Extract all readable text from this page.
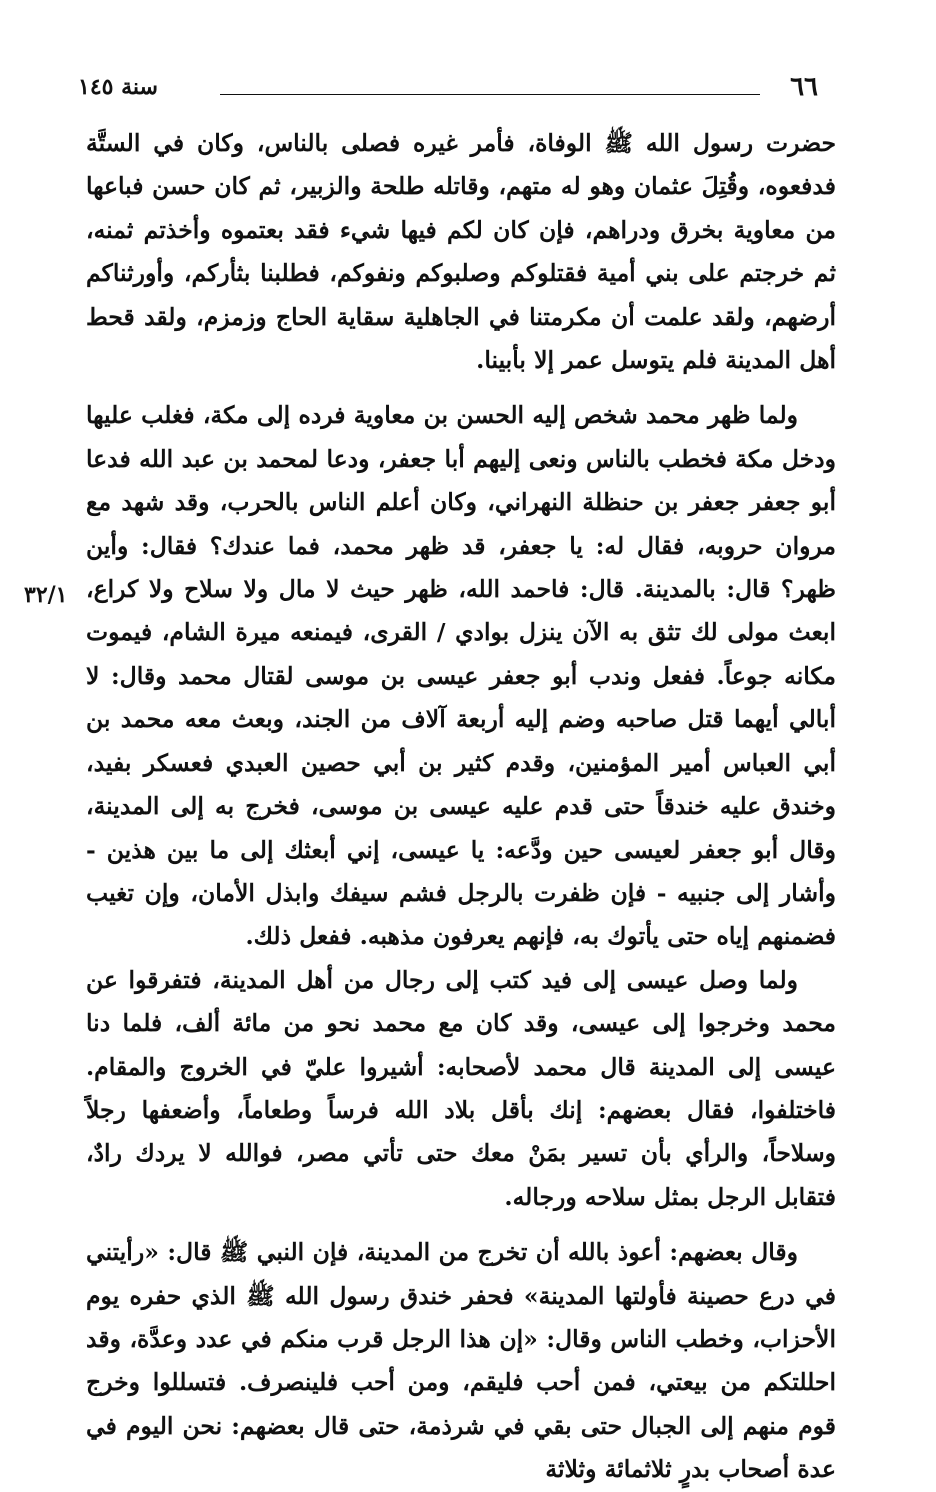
٦٦
سنة ١٤٥
٣٢/١

حضرت رسول الله ﷺ الوفاة، فأمر غيره فصلى بالناس، وكان في الستَّة فدفعوه، وقُتِلَ عثمان وهو له متهم، وقاتله طلحة والزبير، ثم كان حسن فباعها من معاوية بخرق ودراهم، فإن كان لكم فيها شيء فقد بعتموه وأخذتم ثمنه، ثم خرجتم على بني أمية فقتلوكم وصلبوكم ونفوكم، فطلبنا بثأركم، وأورثناكم أرضهم، ولقد علمت أن مكرمتنا في الجاهلية سقاية الحاج وزمزم، ولقد قحط أهل المدينة فلم يتوسل عمر إلا بأبينا.

ولما ظهر محمد شخص إليه الحسن بن معاوية فرده إلى مكة، فغلب عليها ودخل مكة فخطب بالناس ونعى إليهم أبا جعفر، ودعا لمحمد بن عبد الله فدعا أبو جعفر جعفر بن حنظلة النهراني، وكان أعلم الناس بالحرب، وقد شهد مع مروان حروبه، فقال له: يا جعفر، قد ظهر محمد، فما عندك؟ فقال: وأين ظهر؟ قال: بالمدينة. قال: فاحمد الله، ظهر حيث لا مال ولا سلاح ولا كراع، ابعث مولى لك تثق به الآن ينزل بوادي / القرى، فيمنعه ميرة الشام، فيموت مكانه جوعاً. ففعل وندب أبو جعفر عيسى بن موسى لقتال محمد وقال: لا أبالي أيهما قتل صاحبه وضم إليه أربعة آلاف من الجند، وبعث معه محمد بن أبي العباس أمير المؤمنين، وقدم كثير بن أبي حصين العبدي فعسكر بفيد، وخندق عليه خندقاً حتى قدم عليه عيسى بن موسى، فخرج به إلى المدينة، وقال أبو جعفر لعيسى حين ودَّعه: يا عيسى، إني أبعثك إلى ما بين هذين - وأشار إلى جنبيه - فإن ظفرت بالرجل فشم سيفك وابذل الأمان، وإن تغيب فضمنهم إياه حتى يأتوك به، فإنهم يعرفون مذهبه. ففعل ذلك.

ولما وصل عيسى إلى فيد كتب إلى رجال من أهل المدينة، فتفرقوا عن محمد وخرجوا إلى عيسى، وقد كان مع محمد نحو من مائة ألف، فلما دنا عيسى إلى المدينة قال محمد لأصحابه: أشيروا عليّ في الخروج والمقام. فاختلفوا، فقال بعضهم: إنك بأقل بلاد الله فرساً وطعاماً، وأضعفها رجلاً وسلاحاً، والرأي بأن تسير بمَنْ معك حتى تأتي مصر، فوالله لا يردك رادٌ، فتقابل الرجل بمثل سلاحه ورجاله.

وقال بعضهم: أعوذ بالله أن تخرج من المدينة، فإن النبي ﷺ قال: «رأيتني في درع حصينة فأولتها المدينة» فحفر خندق رسول الله ﷺ الذي حفره يوم الأحزاب، وخطب الناس وقال: «إن هذا الرجل قرب منكم في عدد وعدَّة، وقد احللتكم من بيعتي، فمن أحب فليقم، ومن أحب فلينصرف. فتسللوا وخرج قوم منهم إلى الجبال حتى بقي في شرذمة، حتى قال بعضهم: نحن اليوم في عدة أصحاب بدرٍ ثلاثمائة وثلاثة
